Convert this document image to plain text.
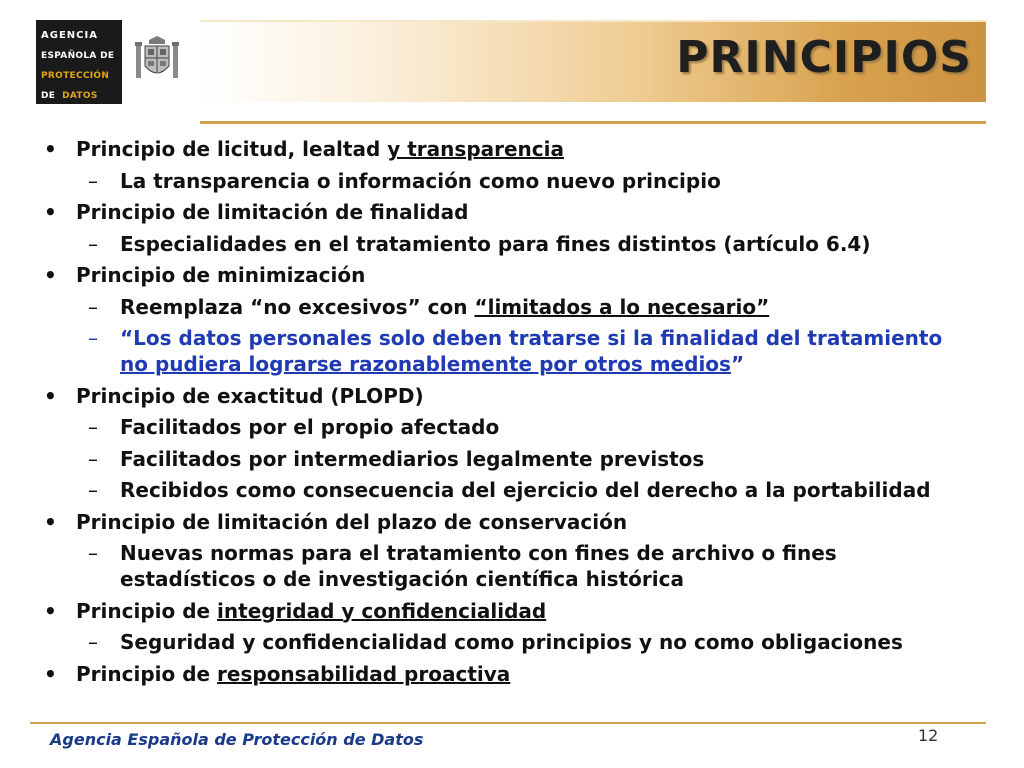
AGENCIA
ESPAÑOLA DE
PROTECCIÓN
DE DATOS
PRINCIPIOS
• Principio de licitud, lealtad y transparencia
– La transparencia o información como nuevo principio
• Principio de limitación de finalidad
– Especialidades en el tratamiento para fines distintos (artículo 6.4)
• Principio de minimización
– Reemplaza “no excesivos” con “limitados a lo necesario”
– “Los datos personales solo deben tratarse si la finalidad del tratamiento no pudiera lograrse razonablemente por otros medios”
• Principio de exactitud (PLOPD)
– Facilitados por el propio afectado
– Facilitados por intermediarios legalmente previstos
– Recibidos como consecuencia del ejercicio del derecho a la portabilidad
• Principio de limitación del plazo de conservación
– Nuevas normas para el tratamiento con fines de archivo o fines estadísticos o de investigación científica histórica
• Principio de integridad y confidencialidad
– Seguridad y confidencialidad como principios y no como obligaciones
• Principio de responsabilidad proactiva
Agencia Española de Protección de Datos	12
